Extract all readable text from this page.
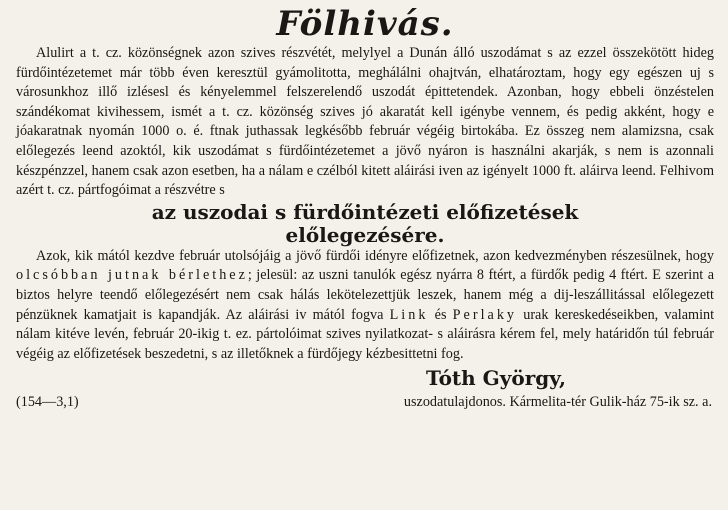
Fölhivás.

Alulirt a t. cz. közönségnek azon szives részvétét, melylyel a Dunán álló uszodámat s az ezzel összekötött hideg fürdőintézetemet már több éven keresztül gyámolitotta, meghálálni ohajtván, elhatároztam, hogy egy egészen uj s városunkhoz illő izlésesl és kényelemmel felszerelendő uszodát épittetendek. Azonban, hogy ebbeli önzéstelen szándékomat kivihessem, ismét a t. cz. közönség szives jó akaratát kell igénybe vennem, és pedig akként, hogy e jóakaratnak nyomán 1000 o. é. ftnak juthassak legkésőbb február végéig birtokába. Ez összeg nem alamizsna, csak előlegezés leend azoktól, kik uszodámat s fürdőintézetemet a jövő nyáron is használni akarják, s nem is azonnali készpénzzel, hanem csak azon esetben, ha a nálam e czélból kitett aláirási iven az igényelt 1000 ft. aláirva leend. Felhivom azért t. cz. pártfogóimat a részvétre s

az uszodai s fürdőintézeti előfizetések
előlegezésére.

Azok, kik mától kezdve február utolsójáig a jövő fürdői idényre előfizetnek, azon kedvezményben részesülnek, hogy olcsóbban jutnak bérlethez; jelesül: az uszni tanulók egész nyárra 8 ftért, a fürdők pedig 4 ftért. E szerint a biztos helyre teendő előlegezésért nem csak hálás lekötelezettjük leszek, hanem még a dij-leszállitással előlegezett pénzüknek kamatjait is kapandják. Az aláirási iv mától fogva Link és Perlaky urak kereskedéseikben, valamint nálam kitéve levén, február 20-ikig t. ez. pártolóimat szives nyilatkozat- s aláirásra kérem fel, mely határidőn túl február végéig az előfizetések beszedetni, s az illetőknek a fürdőjegy kézbesittetni fog.

Tóth György,
(154—3,1)	uszodatulajdonos. Kármelita-tér Gulik-ház 75-ik sz. a.
